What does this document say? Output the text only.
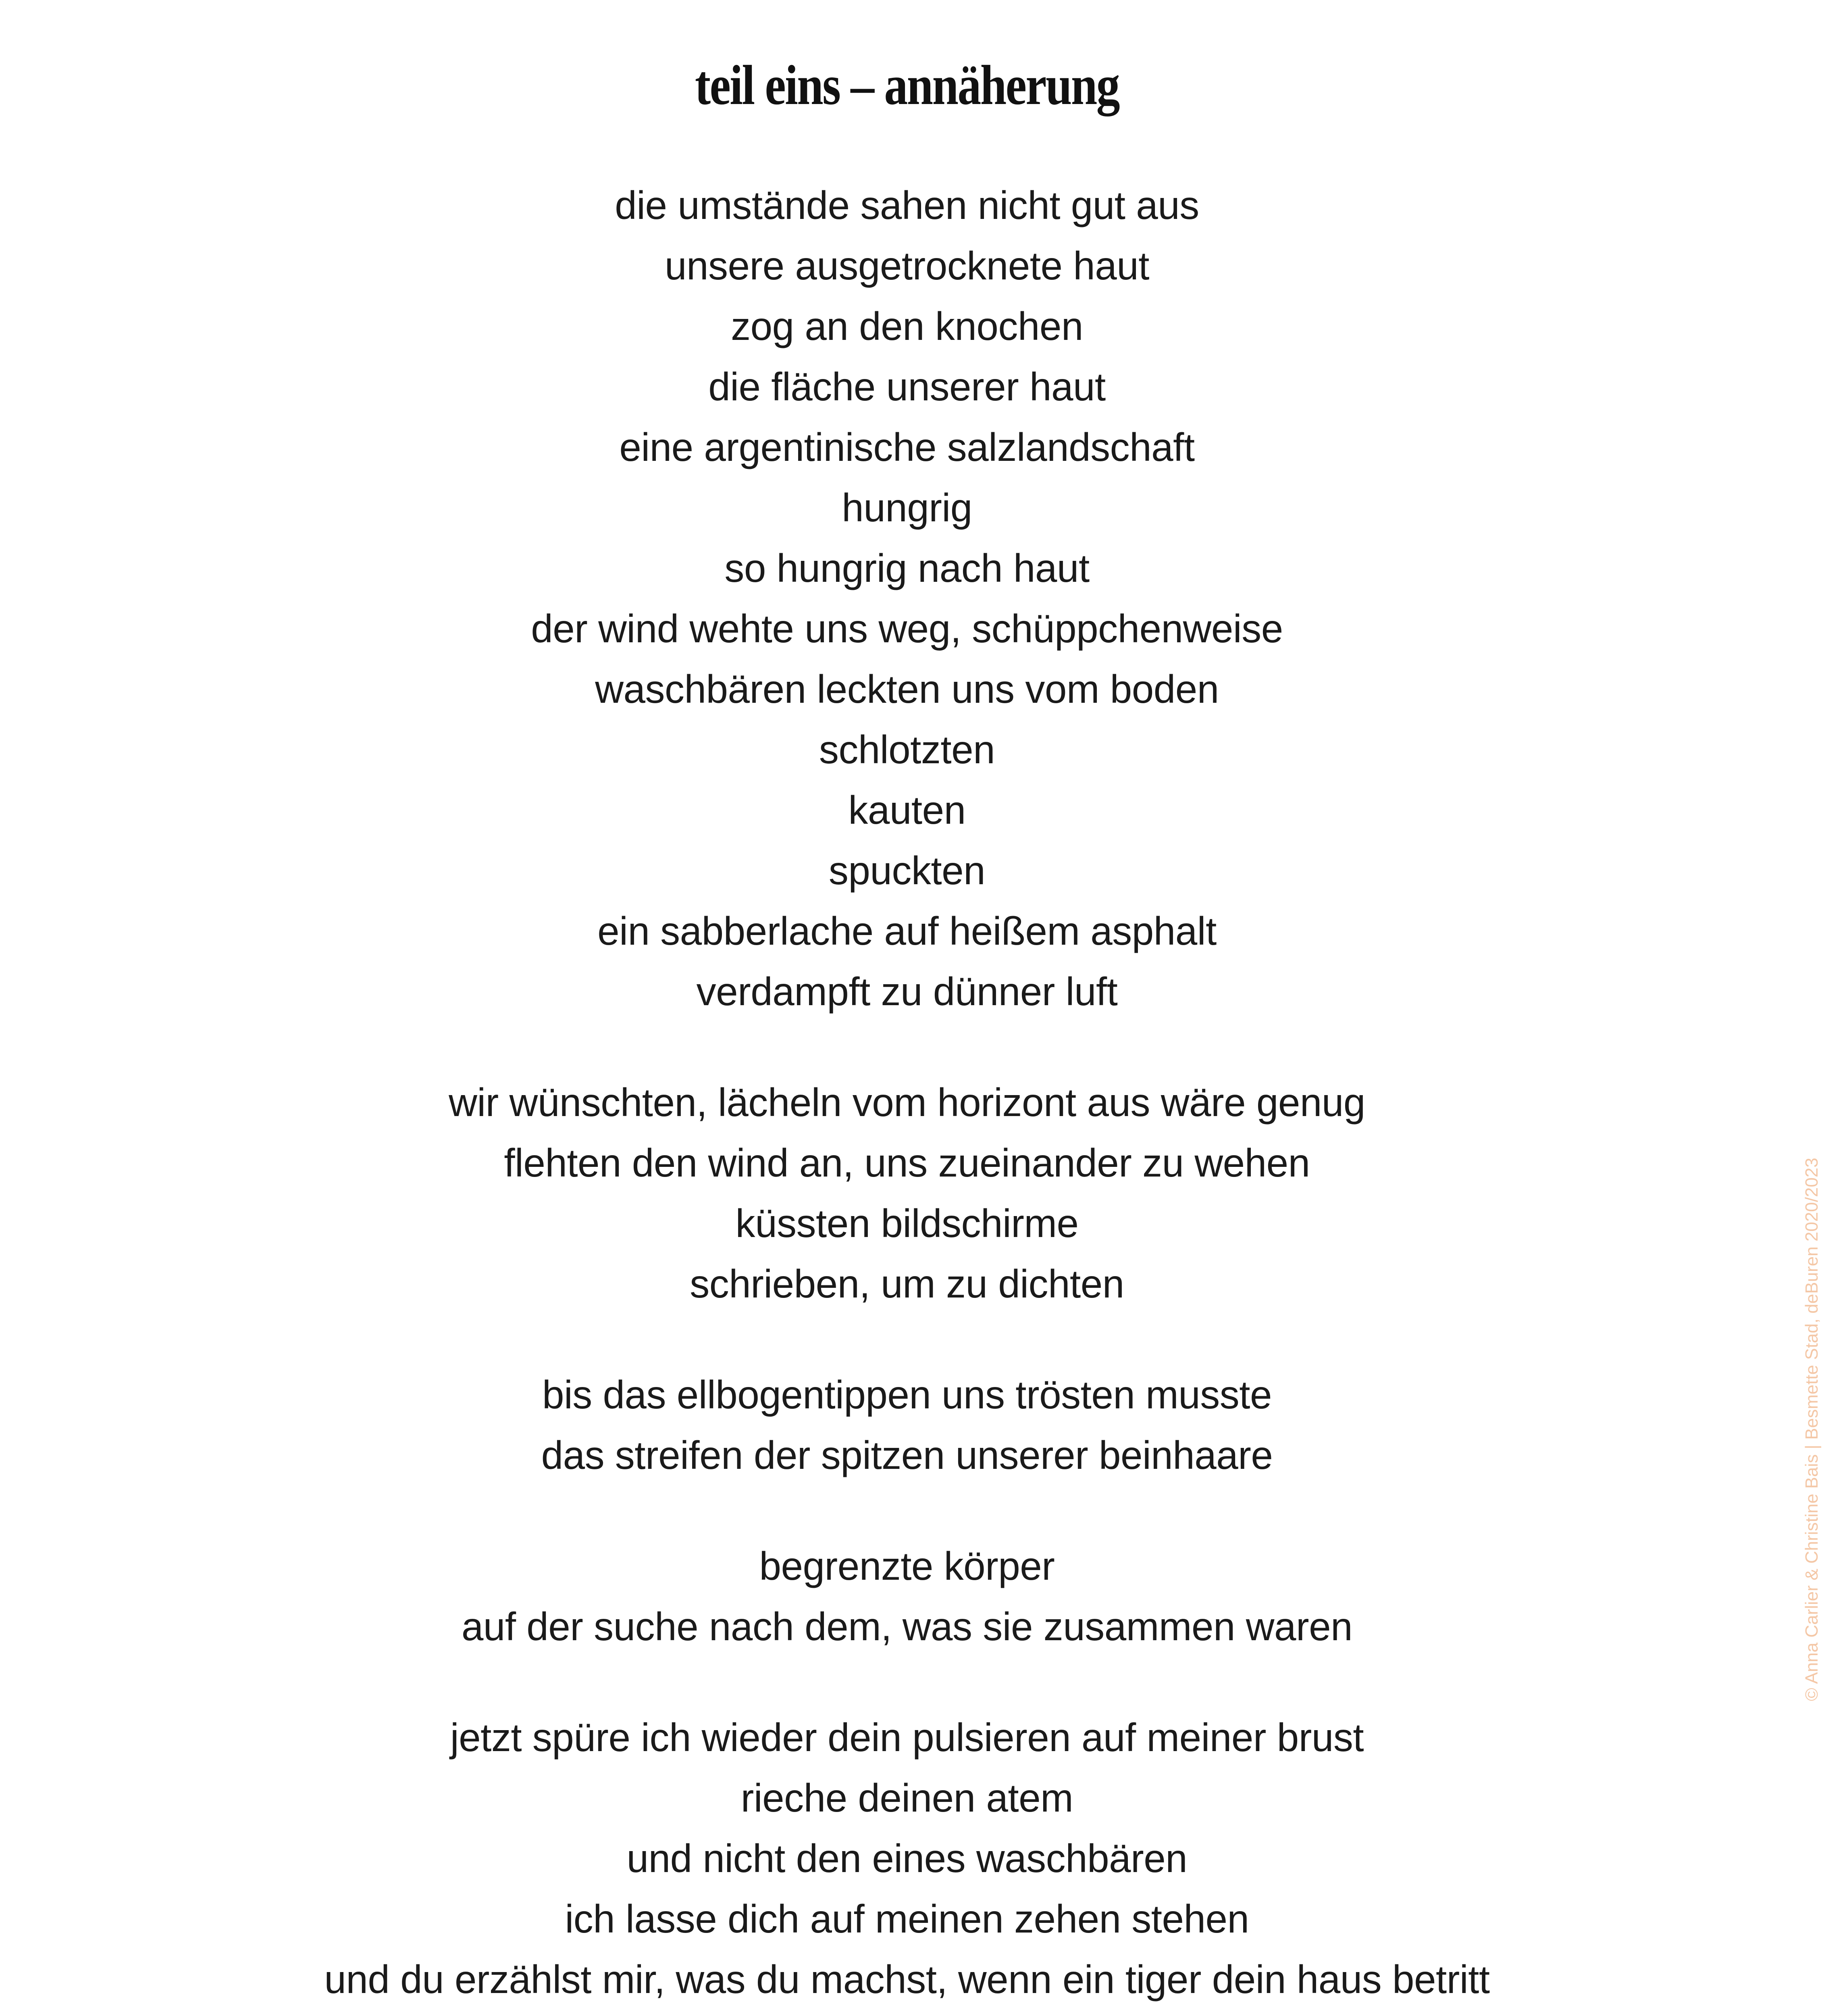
teil eins – annäherung
die umstände sahen nicht gut aus
unsere ausgetrocknete haut
zog an den knochen
die fläche unserer haut
eine argentinische salzlandschaft
hungrig
so hungrig nach haut
der wind wehte uns weg, schüppchenweise
waschbären leckten uns vom boden
schlotzten
kauten
spuckten
ein sabberlache auf heißem asphalt
verdampft zu dünner luft
wir wünschten, lächeln vom horizont aus wäre genug
flehten den wind an, uns zueinander zu wehen
küssten bildschirme
schrieben, um zu dichten
bis das ellbogentippen uns trösten musste
das streifen der spitzen unserer beinhaare
begrenzte körper
auf der suche nach dem, was sie zusammen waren
jetzt spüre ich wieder dein pulsieren auf meiner brust
rieche deinen atem
und nicht den eines waschbären
ich lasse dich auf meinen zehen stehen
und du erzählst mir, was du machst, wenn ein tiger dein haus betritt
© Anna Carlier & Christine Bais | Besmette Stad, deBuren 2020/2023
